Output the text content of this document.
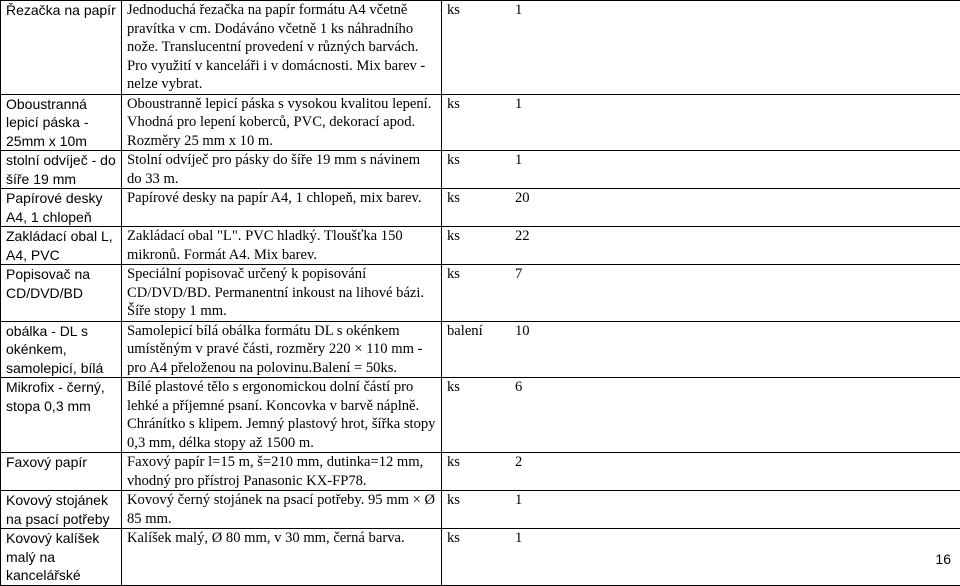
Řezačka na papír	Jednoduchá řezačka na papír formátu A4 včetně pravítka v cm. Dodáváno včetně 1 ks náhradního nože. Translucentní provedení v různých barvách. Pro využití v kanceláři i v domácnosti. Mix barev - nelze vybrat.	ks 1

Oboustranná lepicí páska - 25mm x 10m	Oboustranně lepicí páska s vysokou kvalitou lepení. Vhodná pro lepení koberců, PVC, dekorací apod. Rozměry 25 mm x 10 m.	ks 1

stolní odvíječ - do šíře 19 mm	Stolní odvíječ pro pásky do šíře 19 mm s návinem do 33 m.	ks 1

Papírové desky A4, 1 chlopeň	Papírové desky na papír A4, 1 chlopeň, mix barev.	ks 20

Zakládací obal L, A4, PVC	Zakládací obal "L". PVC hladký. Tloušťka 150 mikronů. Formát A4. Mix barev.	ks 22

Popisovač na CD/DVD/BD	Speciální popisovač určený k popisování CD/DVD/BD. Permanentní inkoust na lihové bázi. Šíře stopy 1 mm.	ks 7

obálka - DL s okénkem, samolepicí, bílá	Samolepicí bílá obálka formátu DL s okénkem umístěným v pravé části, rozměry 220 × 110 mm - pro A4 přeloženou na polovinu.Balení = 50ks.	balení 10

Mikrofix - černý, stopa 0,3 mm	Bílé plastové tělo s ergonomickou dolní částí pro lehké a příjemné psaní. Koncovka v barvě náplně. Chránítko s klipem. Jemný plastový hrot, šířka stopy 0,3 mm, délka stopy až 1500 m.	ks 6

Faxový papír	Faxový papír l=15 m, š=210 mm, dutinka=12 mm, vhodný pro přístroj Panasonic KX-FP78.	ks 2

Kovový stojánek na psací potřeby	Kovový černý stojánek na psací potřeby. 95 mm × Ø 85 mm.	ks 1

Kovový kalíšek malý na kancelářské	Kalíšek malý, Ø 80 mm, v 30 mm, černá barva.	ks 1
16
